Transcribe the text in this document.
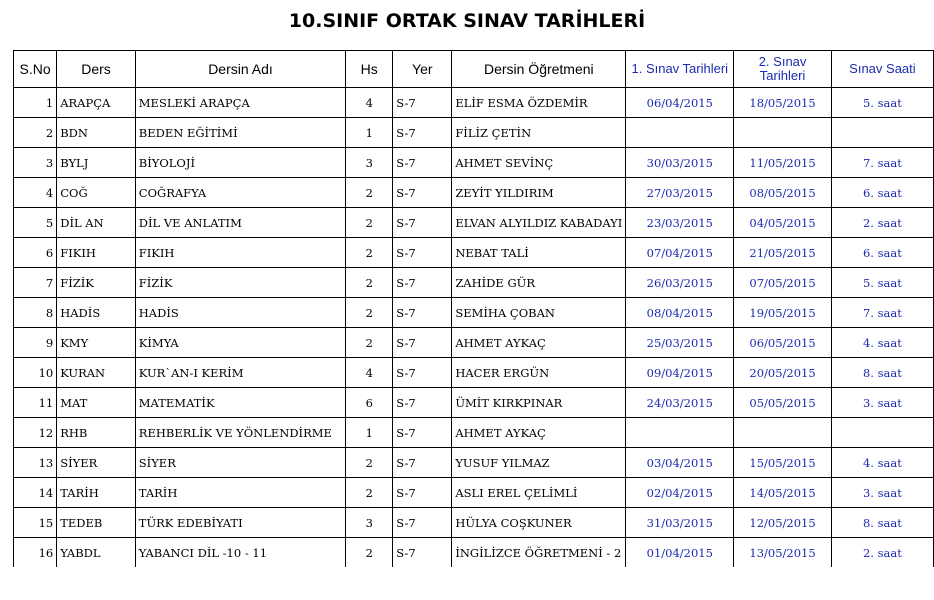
10.SINIF ORTAK SINAV TARİHLERİ
S.No	Ders	Dersin Adı	Hs	Yer	Dersin Öğretmeni	1. Sınav Tarihleri	2. Sınav Tarihleri	Sınav Saati
1	ARAPÇA	MESLEKİ ARAPÇA	4	S-7	ELİF ESMA ÖZDEMİR	06/04/2015	18/05/2015	5. saat
2	BDN	BEDEN EĞİTİMİ	1	S-7	FİLİZ ÇETİN			
3	BYLJ	BİYOLOJİ	3	S-7	AHMET SEVİNÇ	30/03/2015	11/05/2015	7. saat
4	COĞ	COĞRAFYA	2	S-7	ZEYİT YILDIRIM	27/03/2015	08/05/2015	6. saat
5	DİL AN	DİL VE ANLATIM	2	S-7	ELVAN ALYILDIZ KABADAYI	23/03/2015	04/05/2015	2. saat
6	FIKIH	FIKIH	2	S-7	NEBAT TALİ	07/04/2015	21/05/2015	6. saat
7	FİZİK	FİZİK	2	S-7	ZAHİDE GÜR	26/03/2015	07/05/2015	5. saat
8	HADİS	HADİS	2	S-7	SEMİHA ÇOBAN	08/04/2015	19/05/2015	7. saat
9	KMY	KİMYA	2	S-7	AHMET AYKAÇ	25/03/2015	06/05/2015	4. saat
10	KURAN	KUR`AN-I KERİM	4	S-7	HACER ERGÜN	09/04/2015	20/05/2015	8. saat
11	MAT	MATEMATİK	6	S-7	ÜMİT KIRKPINAR	24/03/2015	05/05/2015	3. saat
12	RHB	REHBERLİK VE YÖNLENDİRME	1	S-7	AHMET AYKAÇ			
13	SİYER	SİYER	2	S-7	YUSUF YILMAZ	03/04/2015	15/05/2015	4. saat
14	TARİH	TARİH	2	S-7	ASLI EREL ÇELİMLİ	02/04/2015	14/05/2015	3. saat
15	TEDEB	TÜRK EDEBİYATI	3	S-7	HÜLYA COŞKUNER	31/03/2015	12/05/2015	8. saat
16	YABDL	YABANCI DİL -10 - 11	2	S-7	İNGİLİZCE ÖĞRETMENİ - 2	01/04/2015	13/05/2015	2. saat
